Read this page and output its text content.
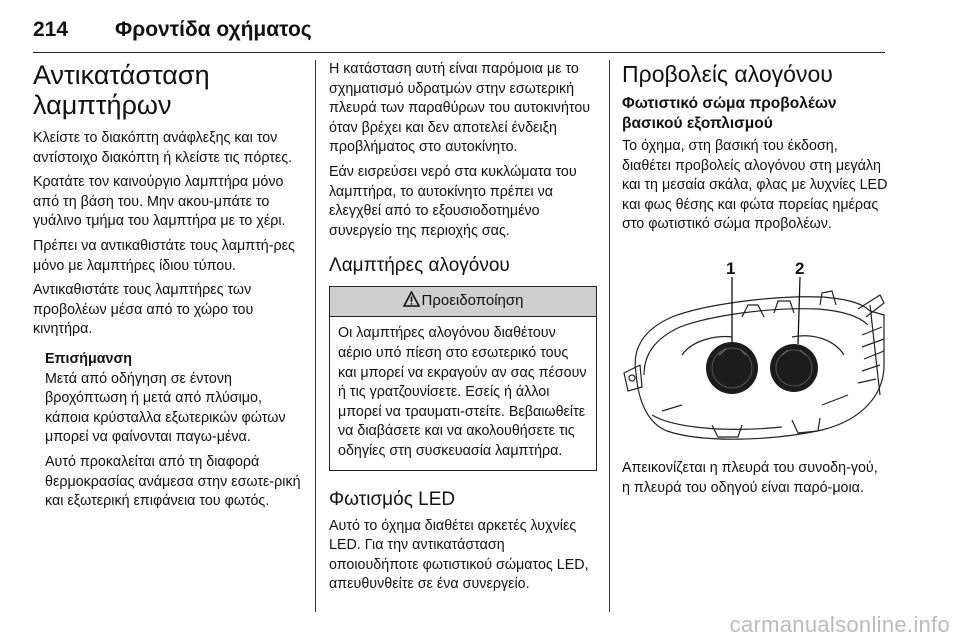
214 Φροντίδα οχήματος
Αντικατάσταση λαμπτήρων

Κλείστε το διακόπτη ανάφλεξης και τον αντίστοιχο διακόπτη ή κλείστε τις πόρτες.

Κρατάτε τον καινούργιο λαμπτήρα μόνο από τη βάση του. Μην ακου‐μπάτε το γυάλινο τμήμα του λαμπτήρα με το χέρι.

Πρέπει να αντικαθιστάτε τους λαμπτή‐ρες μόνο με λαμπτήρες ίδιου τύπου.

Αντικαθιστάτε τους λαμπτήρες των προβολέων μέσα από το χώρο του κινητήρα.

Επισήμανση

Μετά από οδήγηση σε έντονη βροχόπτωση ή μετά από πλύσιμο, κάποια κρύσταλλα εξωτερικών φώτων μπορεί να φαίνονται παγω‐μένα.

Αυτό προκαλείται από τη διαφορά θερμοκρασίας ανάμεσα στην εσωτε‐ρική και εξωτερική επιφάνεια του φωτός.

Η κατάσταση αυτή είναι παρόμοια με το σχηματισμό υδρατμών στην εσωτερική πλευρά των παραθύρων του αυτοκινήτου όταν βρέχει και δεν αποτελεί ένδειξη προβλήματος στο αυτοκίνητο.

Εάν εισρεύσει νερό στα κυκλώματα του λαμπτήρα, το αυτοκίνητο πρέπει να ελεγχθεί από το εξουσιοδοτημένο συνεργείο της περιοχής σας.

Λαμπτήρες αλογόνου
Προειδοποίηση
Οι λαμπτήρες αλογόνου διαθέτουν αέριο υπό πίεση στο εσωτερικό τους και μπορεί να εκραγούν αν σας πέσουν ή τις γρατζουνίσετε. Εσείς ή άλλοι μπορεί να τραυματι‐στείτε. Βεβαιωθείτε να διαβάσετε και να ακολουθήσετε τις οδηγίες στη συσκευασία λαμπτήρα.
Φωτισμός LED

Αυτό το όχημα διαθέτει αρκετές λυχνίες LED. Για την αντικατάσταση οποιουδήποτε φωτιστικού σώματος LED, απευθυνθείτε σε ένα συνεργείο.

Προβολείς αλογόνου
Φωτιστικό σώμα προβολέων βασικού εξοπλισμού

Το όχημα, στη βασική του έκδοση, διαθέτει προβολείς αλογόνου στη μεγάλη και τη μεσαία σκάλα, φλας με λυχνίες LED και φως θέσης και φώτα πορείας ημέρας στο φωτιστικό σώμα προβολέων.

1	2

Απεικονίζεται η πλευρά του συνοδη‐γού, η πλευρά του οδηγού είναι παρό‐μοια.

carmanualsonline.info
